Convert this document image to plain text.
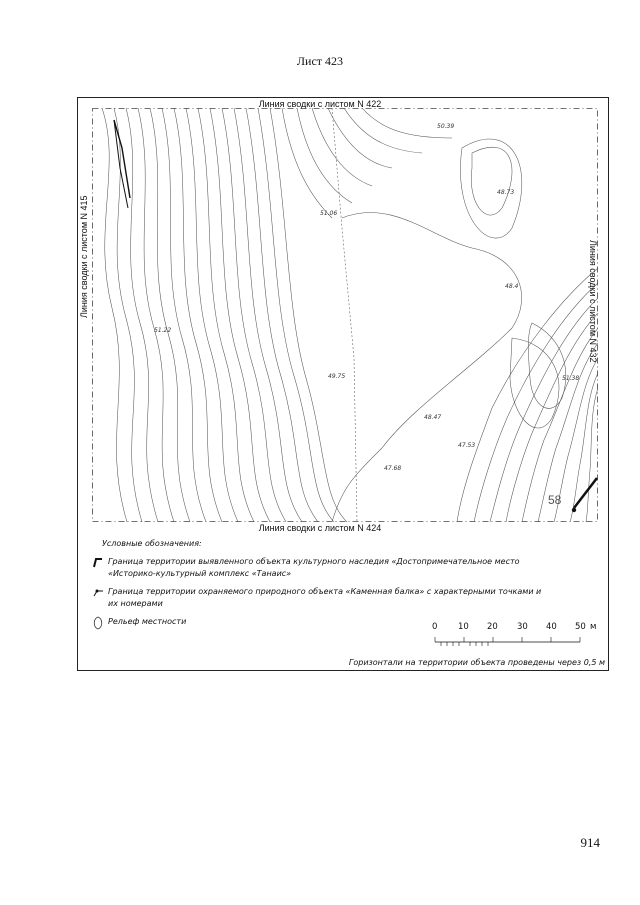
Лист 423
Линия сводки с листом N 422
Линия сводки с листом N 424
Линия сводки с листом N 415	Линия сводки с листом N 432
58
50.39
48.73
51.06
49.75
48.47
47.68
51.22
47.53
48.4
51.38
Условные обозначения:
Граница территории выявленного объекта культурного наследия «Достопримечательное место «Историко-культурный комплекс «Танаис»
Граница территории охраняемого природного объекта «Каменная балка» с характерными точками и их номерами
Рельеф местности
0 10 20 30 40 50 м
Горизонтали на территории объекта проведены через 0,5 м
914
